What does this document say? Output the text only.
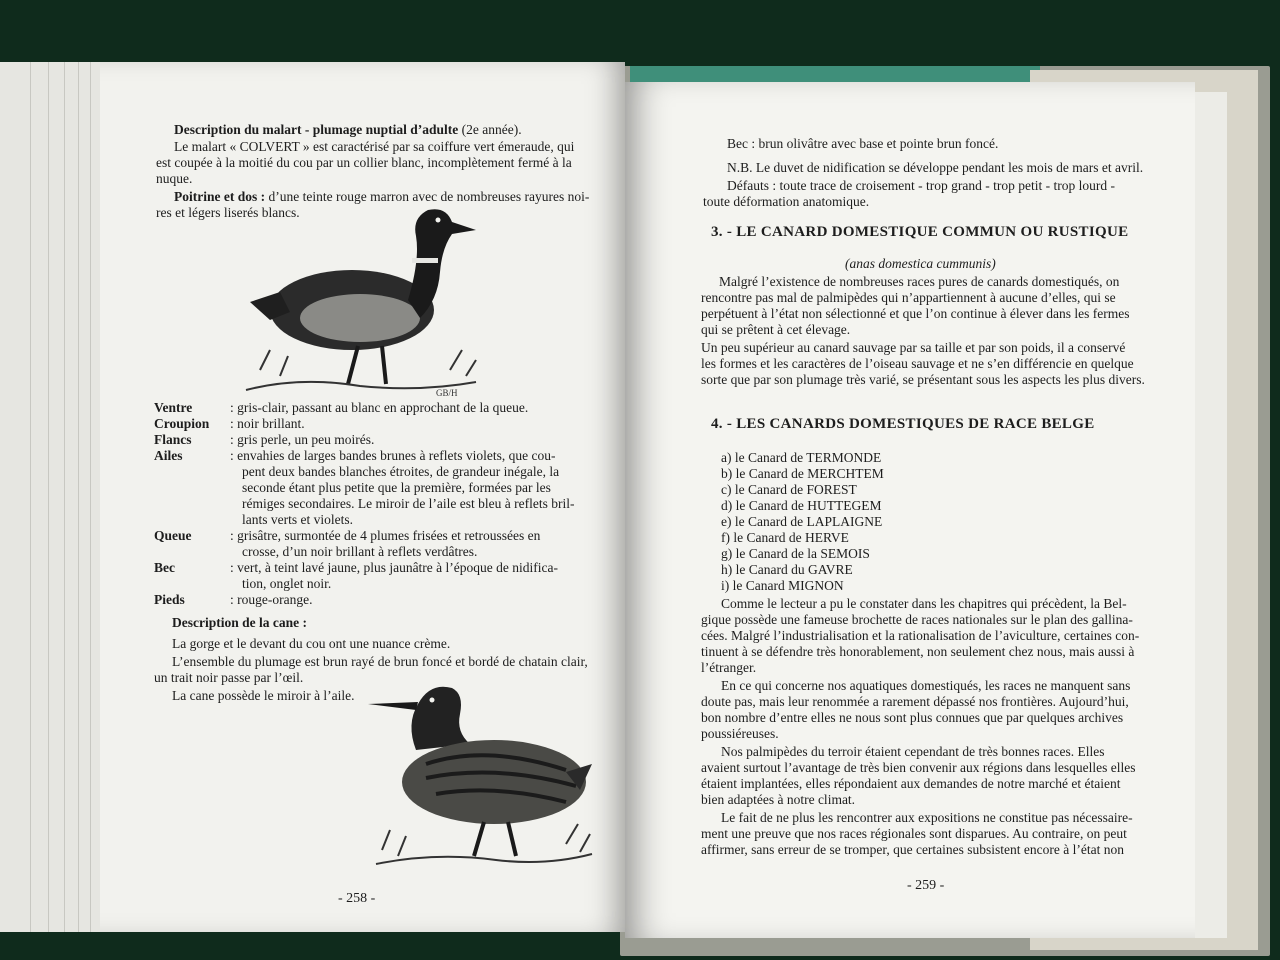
Description du malart - plumage nuptial d’adulte (2e année).
Le malart « COLVERT » est caractérisé par sa coiffure vert émeraude, qui
est coupée à la moitié du cou par un collier blanc, incomplètement fermé à la
nuque.
Poitrine et dos : d’une teinte rouge marron avec de nombreuses rayures noi-
res et légers liserés blancs.
GB/H
Ventre	: gris-clair, passant au blanc en approchant de la queue.
Croupion : noir brillant.
Flancs	: gris perle, un peu moirés.
Ailes	: envahies de larges bandes brunes à reflets violets, que cou-
pent deux bandes blanches étroites, de grandeur inégale, la
seconde étant plus petite que la première, formées par les
rémiges secondaires. Le miroir de l’aile est bleu à reflets bril-
lants verts et violets.
Queue	: grisâtre, surmontée de 4 plumes frisées et retroussées en
crosse, d’un noir brillant à reflets verdâtres.
Bec	: vert, à teint lavé jaune, plus jaunâtre à l’époque de nidifica-
tion, onglet noir.
Pieds	: rouge-orange.
Description de la cane :
La gorge et le devant du cou ont une nuance crème.
L’ensemble du plumage est brun rayé de brun foncé et bordé de chatain clair,
un trait noir passe par l’œil.
La cane possède le miroir à l’aile.
- 258 -
Bec : brun olivâtre avec base et pointe brun foncé.
N.B. Le duvet de nidification se développe pendant les mois de mars et avril.
Défauts : toute trace de croisement - trop grand - trop petit - trop lourd -
toute déformation anatomique.
3. - LE CANARD DOMESTIQUE COMMUN OU RUSTIQUE
(anas domestica cummunis)
Malgré l’existence de nombreuses races pures de canards domestiqués, on
rencontre pas mal de palmipèdes qui n’appartiennent à aucune d’elles, qui se
perpétuent à l’état non sélectionné et que l’on continue à élever dans les fermes
qui se prêtent à cet élevage.
Un peu supérieur au canard sauvage par sa taille et par son poids, il a conservé
les formes et les caractères de l’oiseau sauvage et ne s’en différencie en quelque
sorte que par son plumage très varié, se présentant sous les aspects les plus divers.
4. - LES CANARDS DOMESTIQUES DE RACE BELGE
a) le Canard de TERMONDE
b) le Canard de MERCHTEM
c) le Canard de FOREST
d) le Canard de HUTTEGEM
e) le Canard de LAPLAIGNE
f) le Canard de HERVE
g) le Canard de la SEMOIS
h) le Canard du GAVRE
i) le Canard MIGNON
Comme le lecteur a pu le constater dans les chapitres qui précèdent, la Bel-
gique possède une fameuse brochette de races nationales sur le plan des gallina-
cées. Malgré l’industrialisation et la rationalisation de l’aviculture, certaines con-
tinuent à se défendre très honorablement, non seulement chez nous, mais aussi à
l’étranger.
En ce qui concerne nos aquatiques domestiqués, les races ne manquent sans
doute pas, mais leur renommée a rarement dépassé nos frontières. Aujourd’hui,
bon nombre d’entre elles ne nous sont plus connues que par quelques archives
poussiéreuses.
Nos palmipèdes du terroir étaient cependant de très bonnes races. Elles
avaient surtout l’avantage de très bien convenir aux régions dans lesquelles elles
étaient implantées, elles répondaient aux demandes de notre marché et étaient
bien adaptées à notre climat.
Le fait de ne plus les rencontrer aux expositions ne constitue pas nécessaire-
ment une preuve que nos races régionales sont disparues. Au contraire, on peut
affirmer, sans erreur de se tromper, que certaines subsistent encore à l’état non
- 259 -
